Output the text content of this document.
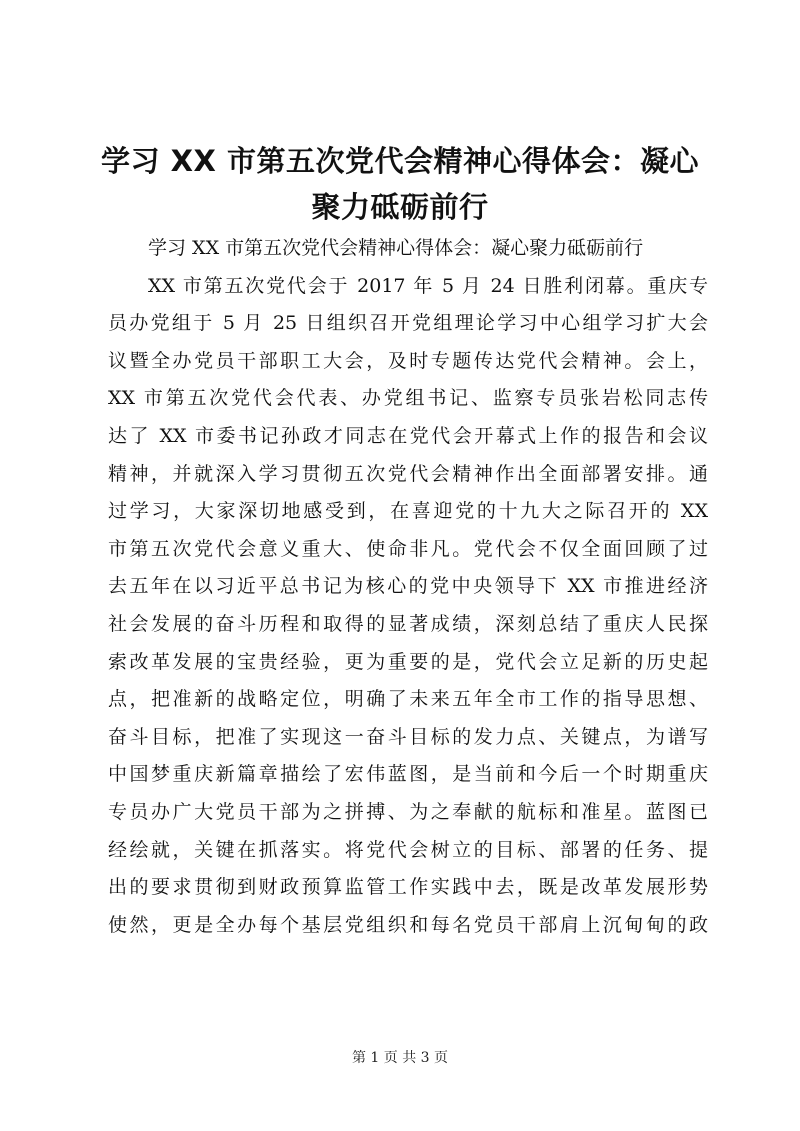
学习 XX 市第五次党代会精神心得体会：凝心
聚力砥砺前行
学习 XX 市第五次党代会精神心得体会：凝心聚力砥砺前行
XX 市第五次党代会于 2017 年 5 月 24 日胜利闭幕。重庆专
员办党组于 5 月 25 日组织召开党组理论学习中心组学习扩大会
议暨全办党员干部职工大会，及时专题传达党代会精神。会上，
XX 市第五次党代会代表、办党组书记、监察专员张岩松同志传
达了 XX 市委书记孙政才同志在党代会开幕式上作的报告和会议
精神，并就深入学习贯彻五次党代会精神作出全面部署安排。通
过学习，大家深切地感受到，在喜迎党的十九大之际召开的 XX
市第五次党代会意义重大、使命非凡。党代会不仅全面回顾了过
去五年在以习近平总书记为核心的党中央领导下 XX 市推进经济
社会发展的奋斗历程和取得的显著成绩，深刻总结了重庆人民探
索改革发展的宝贵经验，更为重要的是，党代会立足新的历史起
点，把准新的战略定位，明确了未来五年全市工作的指导思想、
奋斗目标，把准了实现这一奋斗目标的发力点、关键点，为谱写
中国梦重庆新篇章描绘了宏伟蓝图，是当前和今后一个时期重庆
专员办广大党员干部为之拼搏、为之奉献的航标和准星。蓝图已
经绘就，关键在抓落实。将党代会树立的目标、部署的任务、提
出的要求贯彻到财政预算监管工作实践中去，既是改革发展形势
使然，更是全办每个基层党组织和每名党员干部肩上沉甸甸的政
第 1 页 共 3 页
